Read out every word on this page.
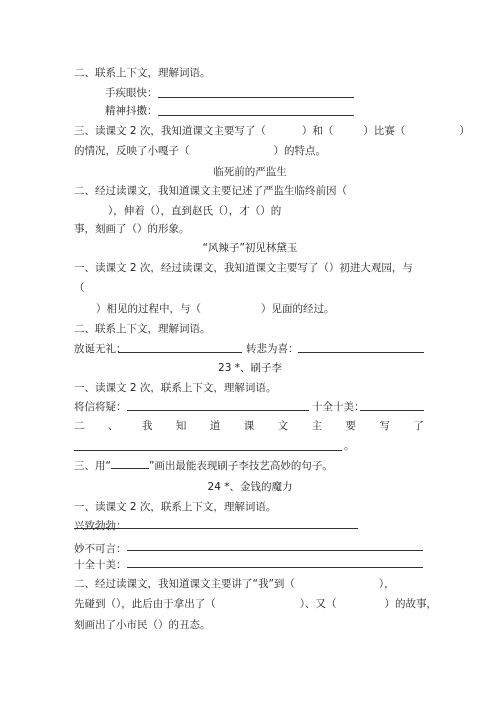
二、联系上下文，理解词语。
手疾眼快：
精神抖擞：
三、读课文 2 次，我知道课文主要写了（	）和（	）比赛（	）
的情况，反映了小嘎子（	）的特点。
临死前的严监生
二、经过读课文，我知道课文主要记述了严监生临终前因（
），伸着（），直到赵氏（），才（）的
事，刻画了（）的形象。
“风辣子”初见林黛玉
一、读课文 2 次，经过读课文，我知道课文主要写了（）初进大观园，与
（
）相见的过程中，与（	）见面的经过。
二、联系上下文，理解词语。
放诞无礼：	转悲为喜：
23 *、刷子李
一、读课文 2 次，联系上下文，理解词语。
将信将疑：	十全十美：
二 、 我 知 道 课 文 主 要 写 了
。
三、用“	”画出最能表现刷子李技艺高妙的句子。
24 *、金钱的魔力
一、读课文 2 次，联系上下文，理解词语。
兴致勃勃：
妙不可言：
十全十美：
二、经过读课文，我知道课文主要讲了“我”到（	），
先碰到（），此后由于拿出了（	）、又（	）的故事，
刻画出了小市民（）的丑态。
